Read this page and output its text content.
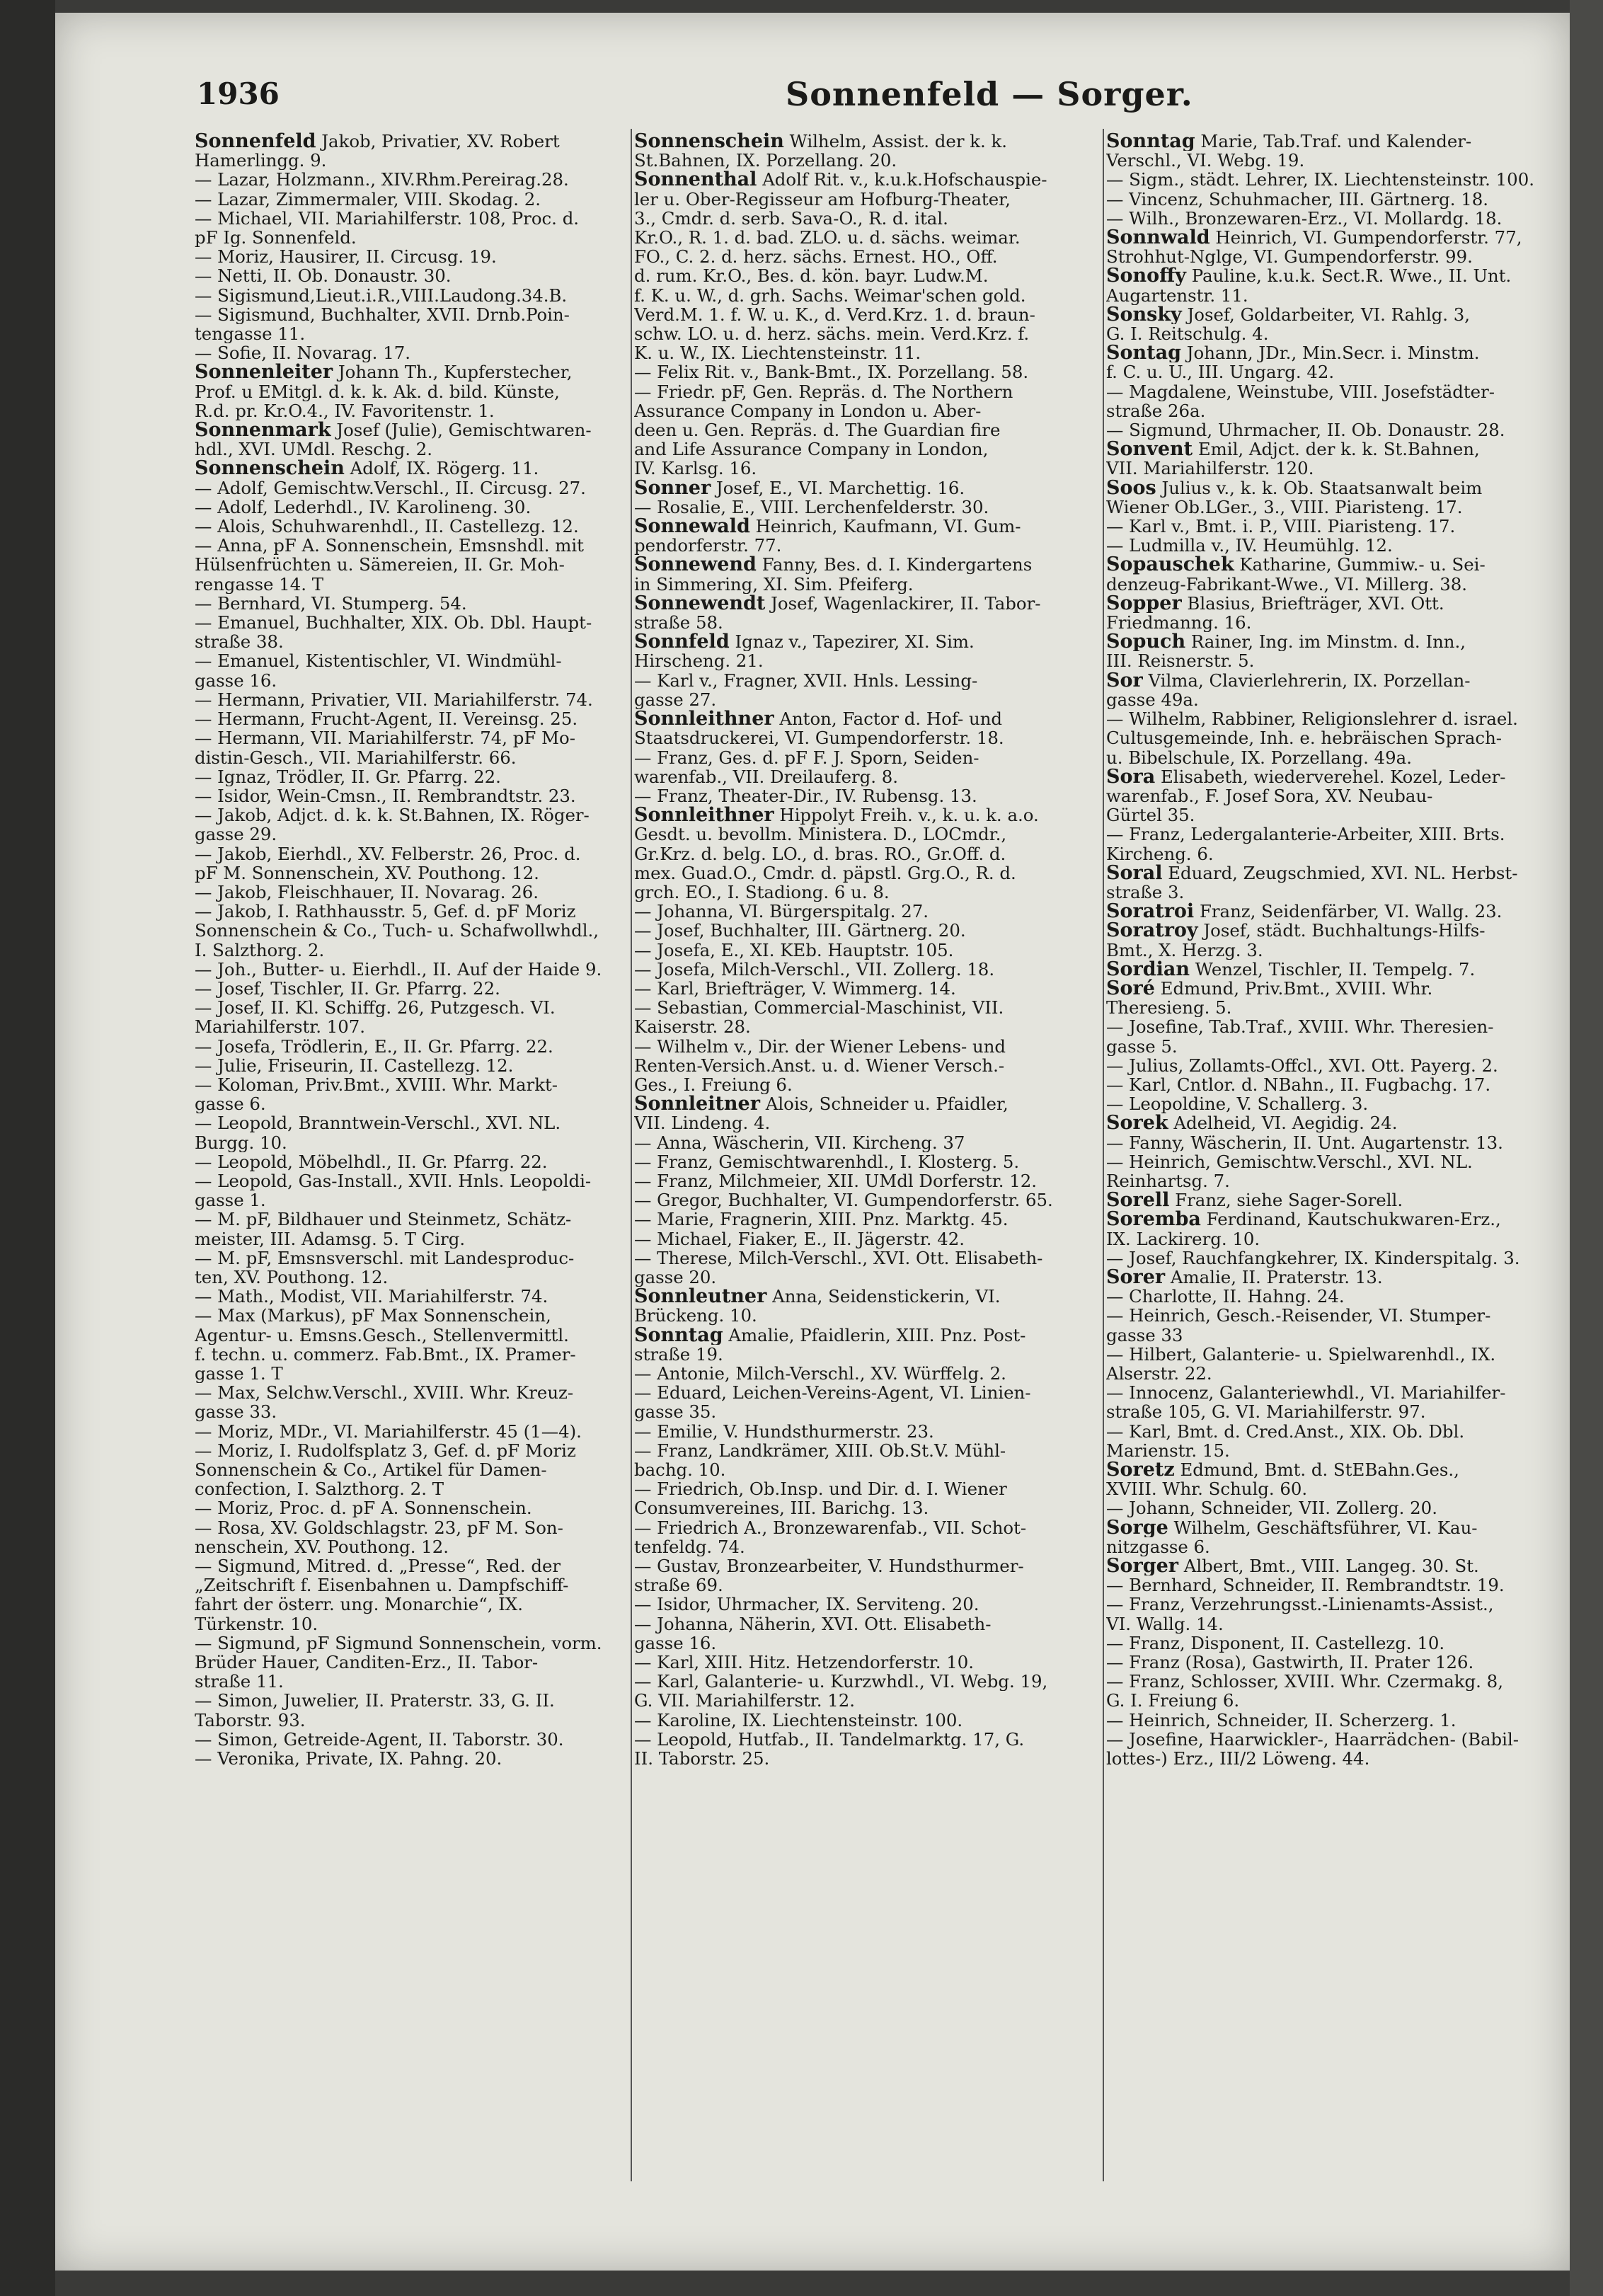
1936	Sonnenfeld — Sorger.

Sonnenfeld Jakob, Privatier, XV. Robert

Hamerlingg. 9.

— Lazar, Holzmann., XIV.Rhm.Pereirag.28.

— Lazar, Zimmermaler, VIII. Skodag. 2.

— Michael, VII. Mariahilferstr. 108, Proc. d.

pF Ig. Sonnenfeld.

— Moriz, Hausirer, II. Circusg. 19.

— Netti, II. Ob. Donaustr. 30.

— Sigismund,Lieut.i.R.,VIII.Laudong.34.B.

— Sigismund, Buchhalter, XVII. Drnb.Poin-

tengasse 11.

— Sofie, II. Novarag. 17.

Sonnenleiter Johann Th., Kupferstecher,

Prof. u EMitgl. d. k. k. Ak. d. bild. Künste,

R.d. pr. Kr.O.4., IV. Favoritenstr. 1.

Sonnenmark Josef (Julie), Gemischtwaren-

hdl., XVI. UMdl. Reschg. 2.

Sonnenschein Adolf, IX. Rögerg. 11.

— Adolf, Gemischtw.Verschl., II. Circusg. 27.

— Adolf, Lederhdl., IV. Karolineng. 30.

— Alois, Schuhwarenhdl., II. Castellezg. 12.

— Anna, pF A. Sonnenschein, Emsnshdl. mit

Hülsenfrüchten u. Sämereien, II. Gr. Moh-

rengasse 14. T

— Bernhard, VI. Stumperg. 54.

— Emanuel, Buchhalter, XIX. Ob. Dbl. Haupt-

straße 38.

— Emanuel, Kistentischler, VI. Windmühl-

gasse 16.

— Hermann, Privatier, VII. Mariahilferstr. 74.

— Hermann, Frucht-Agent, II. Vereinsg. 25.

— Hermann, VII. Mariahilferstr. 74, pF Mo-

distin-Gesch., VII. Mariahilferstr. 66.

— Ignaz, Trödler, II. Gr. Pfarrg. 22.

— Isidor, Wein-Cmsn., II. Rembrandtstr. 23.

— Jakob, Adjct. d. k. k. St.Bahnen, IX. Röger-

gasse 29.

— Jakob, Eierhdl., XV. Felberstr. 26, Proc. d.

pF M. Sonnenschein, XV. Pouthong. 12.

— Jakob, Fleischhauer, II. Novarag. 26.

— Jakob, I. Rathhausstr. 5, Gef. d. pF Moriz

Sonnenschein & Co., Tuch- u. Schafwollwhdl.,

I. Salzthorg. 2.

— Joh., Butter- u. Eierhdl., II. Auf der Haide 9.

— Josef, Tischler, II. Gr. Pfarrg. 22.

— Josef, II. Kl. Schiffg. 26, Putzgesch. VI.

Mariahilferstr. 107.

— Josefa, Trödlerin, E., II. Gr. Pfarrg. 22.

— Julie, Friseurin, II. Castellezg. 12.

— Koloman, Priv.Bmt., XVIII. Whr. Markt-

gasse 6.

— Leopold, Branntwein-Verschl., XVI. NL.

Burgg. 10.

— Leopold, Möbelhdl., II. Gr. Pfarrg. 22.

— Leopold, Gas-Install., XVII. Hnls. Leopoldi-

gasse 1.

— M. pF, Bildhauer und Steinmetz, Schätz-

meister, III. Adamsg. 5. T Cirg.

— M. pF, Emsnsverschl. mit Landesproduc-

ten, XV. Pouthong. 12.

— Math., Modist, VII. Mariahilferstr. 74.

— Max (Markus), pF Max Sonnenschein,

Agentur- u. Emsns.Gesch., Stellenvermittl.

f. techn. u. commerz. Fab.Bmt., IX. Pramer-

gasse 1. T

— Max, Selchw.Verschl., XVIII. Whr. Kreuz-

gasse 33.

— Moriz, MDr., VI. Mariahilferstr. 45 (1—4).

— Moriz, I. Rudolfsplatz 3, Gef. d. pF Moriz

Sonnenschein & Co., Artikel für Damen-

confection, I. Salzthorg. 2. T

— Moriz, Proc. d. pF A. Sonnenschein.

— Rosa, XV. Goldschlagstr. 23, pF M. Son-

nenschein, XV. Pouthong. 12.

— Sigmund, Mitred. d. „Presse“, Red. der

„Zeitschrift f. Eisenbahnen u. Dampfschiff-

fahrt der österr. ung. Monarchie“, IX.

Türkenstr. 10.

— Sigmund, pF Sigmund Sonnenschein, vorm.

Brüder Hauer, Canditen-Erz., II. Tabor-

straße 11.

— Simon, Juwelier, II. Praterstr. 33, G. II.

Taborstr. 93.

— Simon, Getreide-Agent, II. Taborstr. 30.

— Veronika, Private, IX. Pahng. 20.

Sonnenschein Wilhelm, Assist. der k. k.

St.Bahnen, IX. Porzellang. 20.

Sonnenthal Adolf Rit. v., k.u.k.Hofschauspie-

ler u. Ober-Regisseur am Hofburg-Theater,

3., Cmdr. d. serb. Sava-O., R. d. ital.

Kr.O., R. 1. d. bad. ZLO. u. d. sächs. weimar.

FO., C. 2. d. herz. sächs. Ernest. HO., Off.

d. rum. Kr.O., Bes. d. kön. bayr. Ludw.M.

f. K. u. W., d. grh. Sachs. Weimar'schen gold.

Verd.M. 1. f. W. u. K., d. Verd.Krz. 1. d. braun-

schw. LO. u. d. herz. sächs. mein. Verd.Krz. f.

K. u. W., IX. Liechtensteinstr. 11.

— Felix Rit. v., Bank-Bmt., IX. Porzellang. 58.

— Friedr. pF, Gen. Repräs. d. The Northern

Assurance Company in London u. Aber-

deen u. Gen. Repräs. d. The Guardian fire

and Life Assurance Company in London,

IV. Karlsg. 16.

Sonner Josef, E., VI. Marchettig. 16.

— Rosalie, E., VIII. Lerchenfelderstr. 30.

Sonnewald Heinrich, Kaufmann, VI. Gum-

pendorferstr. 77.

Sonnewend Fanny, Bes. d. I. Kindergartens

in Simmering, XI. Sim. Pfeiferg.

Sonnewendt Josef, Wagenlackirer, II. Tabor-

straße 58.

Sonnfeld Ignaz v., Tapezirer, XI. Sim.

Hirscheng. 21.

— Karl v., Fragner, XVII. Hnls. Lessing-

gasse 27.

Sonnleithner Anton, Factor d. Hof- und

Staatsdruckerei, VI. Gumpendorferstr. 18.

— Franz, Ges. d. pF F. J. Sporn, Seiden-

warenfab., VII. Dreilauferg. 8.

— Franz, Theater-Dir., IV. Rubensg. 13.

Sonnleithner Hippolyt Freih. v., k. u. k. a.o.

Gesdt. u. bevollm. Ministera. D., LOCmdr.,

Gr.Krz. d. belg. LO., d. bras. RO., Gr.Off. d.

mex. Guad.O., Cmdr. d. päpstl. Grg.O., R. d.

grch. EO., I. Stadiong. 6 u. 8.

— Johanna, VI. Bürgerspitalg. 27.

— Josef, Buchhalter, III. Gärtnerg. 20.

— Josefa, E., XI. KEb. Hauptstr. 105.

— Josefa, Milch-Verschl., VII. Zollerg. 18.

— Karl, Briefträger, V. Wimmerg. 14.

— Sebastian, Commercial-Maschinist, VII.

Kaiserstr. 28.

— Wilhelm v., Dir. der Wiener Lebens- und

Renten-Versich.Anst. u. d. Wiener Versch.-

Ges., I. Freiung 6.

Sonnleitner Alois, Schneider u. Pfaidler,

VII. Lindeng. 4.

— Anna, Wäscherin, VII. Kircheng. 37

— Franz, Gemischtwarenhdl., I. Klosterg. 5.

— Franz, Milchmeier, XII. UMdl Dorferstr. 12.

— Gregor, Buchhalter, VI. Gumpendorferstr. 65.

— Marie, Fragnerin, XIII. Pnz. Marktg. 45.

— Michael, Fiaker, E., II. Jägerstr. 42.

— Therese, Milch-Verschl., XVI. Ott. Elisabeth-

gasse 20.

Sonnleutner Anna, Seidenstickerin, VI.

Brückeng. 10.

Sonntag Amalie, Pfaidlerin, XIII. Pnz. Post-

straße 19.

— Antonie, Milch-Verschl., XV. Würffelg. 2.

— Eduard, Leichen-Vereins-Agent, VI. Linien-

gasse 35.

— Emilie, V. Hundsthurmerstr. 23.

— Franz, Landkrämer, XIII. Ob.St.V. Mühl-

bachg. 10.

— Friedrich, Ob.Insp. und Dir. d. I. Wiener

Consumvereines, III. Barichg. 13.

— Friedrich A., Bronzewarenfab., VII. Schot-

tenfeldg. 74.

— Gustav, Bronzearbeiter, V. Hundsthurmer-

straße 69.

— Isidor, Uhrmacher, IX. Servitеng. 20.

— Johanna, Näherin, XVI. Ott. Elisabeth-

gasse 16.

— Karl, XIII. Hitz. Hetzendorferstr. 10.

— Karl, Galanterie- u. Kurzwhdl., VI. Webg. 19,

G. VII. Mariahilferstr. 12.

— Karoline, IX. Liechtensteinstr. 100.

— Leopold, Hutfab., II. Tandelmarktg. 17, G.

II. Taborstr. 25.

Sonntag Marie, Tab.Traf. und Kalender-

Verschl., VI. Webg. 19.

— Sigm., städt. Lehrer, IX. Liechtensteinstr. 100.

— Vincenz, Schuhmacher, III. Gärtnerg. 18.

— Wilh., Bronzewaren-Erz., VI. Mollardg. 18.

Sonnwald Heinrich, VI. Gumpendorferstr. 77,

Strohhut-Nglge, VI. Gumpendorferstr. 99.

Sonoffy Pauline, k.u.k. Sect.R. Wwe., II. Unt.

Augartenstr. 11.

Sonsky Josef, Goldarbeiter, VI. Rahlg. 3,

G. I. Reitschulg. 4.

Sontag Johann, JDr., Min.Secr. i. Minstm.

f. C. u. U., III. Ungarg. 42.

— Magdalene, Weinstube, VIII. Josefstädter-

straße 26a.

— Sigmund, Uhrmacher, II. Ob. Donaustr. 28.

Sonvent Emil, Adjct. der k. k. St.Bahnen,

VII. Mariahilferstr. 120.

Soos Julius v., k. k. Ob. Staatsanwalt beim

Wiener Ob.LGer., 3., VIII. Piaristeng. 17.

— Karl v., Bmt. i. P., VIII. Piaristeng. 17.

— Ludmilla v., IV. Heumühlg. 12.

Sopauschek Katharine, Gummiw.- u. Sei-

denzeug-Fabrikant-Wwe., VI. Millerg. 38.

Sopper Blasius, Briefträger, XVI. Ott.

Friedmanng. 16.

Sopuch Rainer, Ing. im Minstm. d. Inn.,

III. Reisnerstr. 5.

Sor Vilma, Clavierlehrerin, IX. Porzellan-

gasse 49a.

— Wilhelm, Rabbiner, Religionslehrer d. israel.

Cultusgemeinde, Inh. e. hebräischen Sprach-

u. Bibelschule, IX. Porzellang. 49a.

Sora Elisabeth, wiederverehel. Kozel, Leder-

warenfab., F. Josef Sora, XV. Neubau-

Gürtel 35.

— Franz, Ledergalanterie-Arbeiter, XIII. Brts.

Kircheng. 6.

Soral Eduard, Zeugschmied, XVI. NL. Herbst-

straße 3.

Soratroi Franz, Seidenfärber, VI. Wallg. 23.

Soratroy Josef, städt. Buchhaltungs-Hilfs-

Bmt., X. Herzg. 3.

Sordian Wenzel, Tischler, II. Tempelg. 7.

Soré Edmund, Priv.Bmt., XVIII. Whr.

Theresieng. 5.

— Josefine, Tab.Traf., XVIII. Whr. Theresien-

gasse 5.

— Julius, Zollamts-Offcl., XVI. Ott. Payerg. 2.

— Karl, Cntlor. d. NBahn., II. Fugbachg. 17.

— Leopoldine, V. Schallerg. 3.

Sorek Adelheid, VI. Aegidig. 24.

— Fanny, Wäscherin, II. Unt. Augartenstr. 13.

— Heinrich, Gemischtw.Verschl., XVI. NL.

Reinhartsg. 7.

Sorell Franz, siehe Sager-Sorell.

Soremba Ferdinand, Kautschukwaren-Erz.,

IX. Lackirerg. 10.

— Josef, Rauchfangkehrer, IX. Kinderspitalg. 3.

Sorer Amalie, II. Praterstr. 13.

— Charlotte, II. Hahng. 24.

— Heinrich, Gesch.-Reisender, VI. Stumper-

gasse 33

— Hilbert, Galanterie- u. Spielwarenhdl., IX.

Alserstr. 22.

— Innocenz, Galanteriewhdl., VI. Mariahilfer-

straße 105, G. VI. Mariahilferstr. 97.

— Karl, Bmt. d. Cred.Anst., XIX. Ob. Dbl.

Marienstr. 15.

Soretz Edmund, Bmt. d. StEBahn.Ges.,

XVIII. Whr. Schulg. 60.

— Johann, Schneider, VII. Zollerg. 20.

Sorge Wilhelm, Geschäftsführer, VI. Kau-

nitzgasse 6.

Sorger Albert, Bmt., VIII. Langeg. 30. St.

— Bernhard, Schneider, II. Rembrandtstr. 19.

— Franz, Verzehrungsst.-Linienamts-Assist.,

VI. Wallg. 14.

— Franz, Disponent, II. Castellezg. 10.

— Franz (Rosa), Gastwirth, II. Prater 126.

— Franz, Schlosser, XVIII. Whr. Czermakg. 8,

G. I. Freiung 6.

— Heinrich, Schneider, II. Scherzerg. 1.

— Josefine, Haarwickler-, Haarrädchen- (Babil-

lottes-) Erz., III/2 Löweng. 44.
